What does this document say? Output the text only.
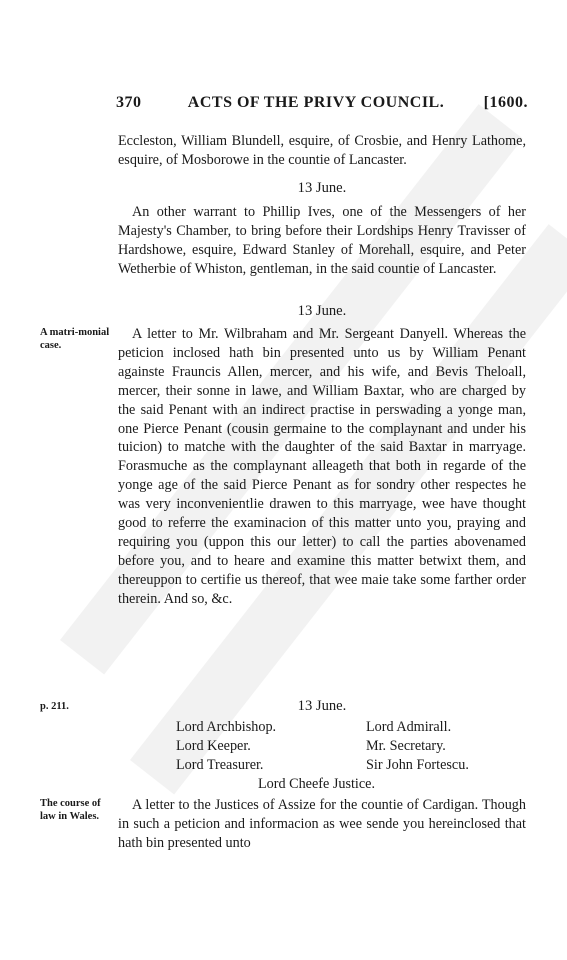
370	ACTS OF THE PRIVY COUNCIL.	[1600.
Eccleston, William Blundell, esquire, of Crosbie, and Henry Lathome, esquire, of Mosborowe in the countie of Lancaster.
13 June.
An other warrant to Phillip Ives, one of the Messengers of her Majesty's Chamber, to bring before their Lordships Henry Travisser of Hardshowe, esquire, Edward Stanley of Morehall, esquire, and Peter Wetherbie of Whiston, gentleman, in the said countie of Lancaster.
13 June.
A matri-monial case.
A letter to Mr. Wilbraham and Mr. Sergeant Danyell. Whereas the peticion inclosed hath bin presented unto us by William Penant againste Frauncis Allen, mercer, and his wife, and Bevis Theloall, mercer, their sonne in lawe, and William Baxtar, who are charged by the said Penant with an indirect practise in perswading a yonge man, one Pierce Penant (cousin germaine to the complaynant and under his tuicion) to matche with the daughter of the said Baxtar in marryage. Forasmuche as the complaynant alleageth that both in regarde of the yonge age of the said Pierce Penant as for sondry other respectes he was very inconvenientlie drawen to this marryage, wee have thought good to referre the examinacion of this matter unto you, praying and requiring you (uppon this our letter) to call the parties abovenamed before you, and to heare and examine this matter betwixt them, and thereuppon to certifie us thereof, that wee maie take some farther order therein. And so, &c.
p. 211.	13 June.
Lord Archbishop.	Lord Admirall.
Lord Keeper.	Mr. Secretary.
Lord Treasurer.	Sir John Fortescu.
Lord Cheefe Justice.
The course of law in Wales.
A letter to the Justices of Assize for the countie of Cardigan. Though in such a peticion and informacion as wee sende you hereinclosed that hath bin presented unto
